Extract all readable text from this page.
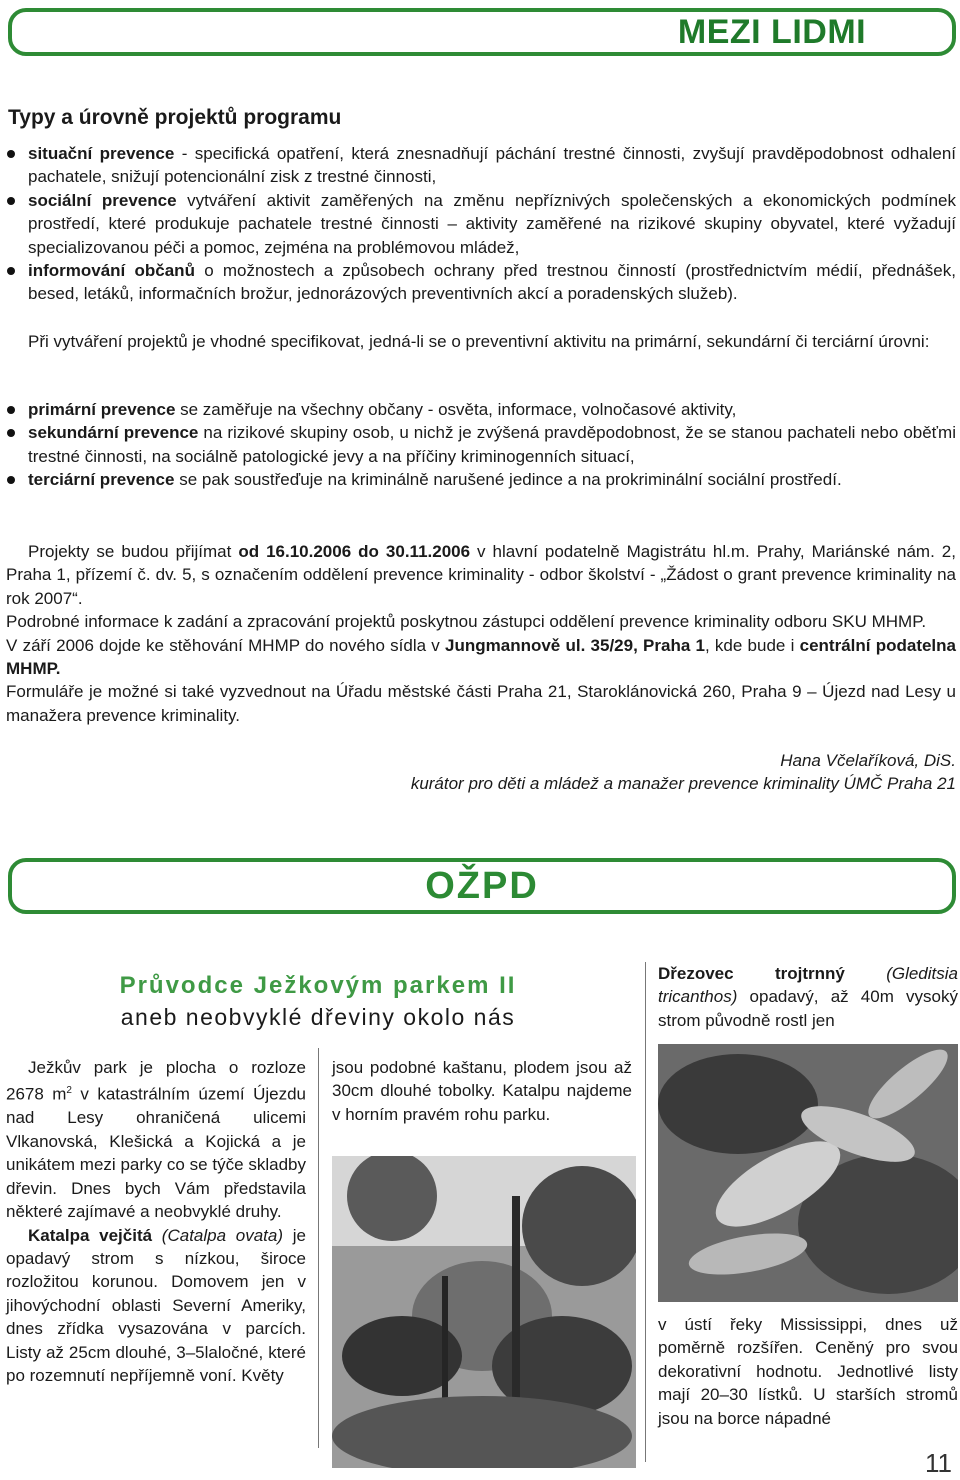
MEZI LIDMI
Typy a úrovně projektů programu
situační prevence - specifická opatření, která znesnadňují páchání trestné činnosti, zvyšují pravděpodobnost odhalení pachatele, snižují potencionální zisk z trestné činnosti,
sociální prevence vytváření aktivit zaměřených na změnu nepříznivých společenských a ekonomických podmínek prostředí, které produkuje pachatele trestné činnosti – aktivity zaměřené na rizikové skupiny obyvatel, které vyžadují specializovanou péči a pomoc, zejména na problémovou mládež,
informování občanů o možnostech a způsobech ochrany před trestnou činností (prostřednictvím médií, přednášek, besed, letáků, informačních brožur, jednorázových preventivních akcí a poradenských služeb).
Při vytváření projektů je vhodné specifikovat, jedná-li se o preventivní aktivitu na primární, sekundární či terciární úrovni:
primární prevence se zaměřuje na všechny občany - osvěta, informace, volnočasové aktivity,
sekundární prevence na rizikové skupiny osob, u nichž je zvýšená pravděpodobnost, že se stanou pachateli nebo oběťmi trestné činnosti, na sociálně patologické jevy a na příčiny kriminogenních situací,
terciární prevence se pak soustřeďuje na kriminálně narušené jedince a na prokriminální sociální prostředí.

Projekty se budou přijímat od 16.10.2006 do 30.11.2006 v hlavní podatelně Magistrátu hl.m. Prahy, Mariánské nám. 2, Praha 1, přízemí č. dv. 5, s označením oddělení prevence kriminality - odbor školství - „Žádost o grant prevence kriminality na rok 2007“.

Podrobné informace k zadání a zpracování projektů poskytnou zástupci oddělení prevence kriminality odboru SKU MHMP.

V září 2006 dojde ke stěhování MHMP do nového sídla v Jungmannově ul. 35/29, Praha 1, kde bude i centrální podatelna MHMP.

Formuláře je možné si také vyzvednout na Úřadu městské části Praha 21, Staroklánovická 260, Praha 9 – Újezd nad Lesy u manažera prevence kriminality.

Hana Včelaříková, DiS.
kurátor pro děti a mládež a manažer prevence kriminality ÚMČ Praha 21
OŽPD
Průvodce Ježkovým parkem II
aneb neobvyklé dřeviny okolo nás

Ježkův park je plocha o rozloze 2678 $m^2$ v katastrálním území Újezdu nad Lesy ohraničená ulicemi Vlkanovská, Klešická a Kojická a je unikátem mezi parky co se týče skladby dřevin. Dnes bych Vám představila některé zajímavé a neobvyklé druhy.

Katalpa vejčitá (Catalpa ovata) je opadavý strom s nízkou, široce rozložitou korunou. Domovem jen v jihovýchodní oblasti Severní Ameriky, dnes zřídka vysazována v parcích. Listy až 25cm dlouhé, 3–5laločné, které po rozemnutí nepříjemně voní. Květy

jsou podobné kaštanu, plodem jsou až 30cm dlouhé tobolky. Katalpu najdeme v horním pravém rohu parku.

Dřezovec trojtrnný (Gleditsia tricanthos) opadavý, až 40m vysoký strom původně rostl jen

v ústí řeky Mississippi, dnes už poměrně rozšířen. Ceněný pro svou dekorativní hodnotu. Jednotlivé listy mají 20–30 lístků. U starších stromů jsou na borce nápadné

11
